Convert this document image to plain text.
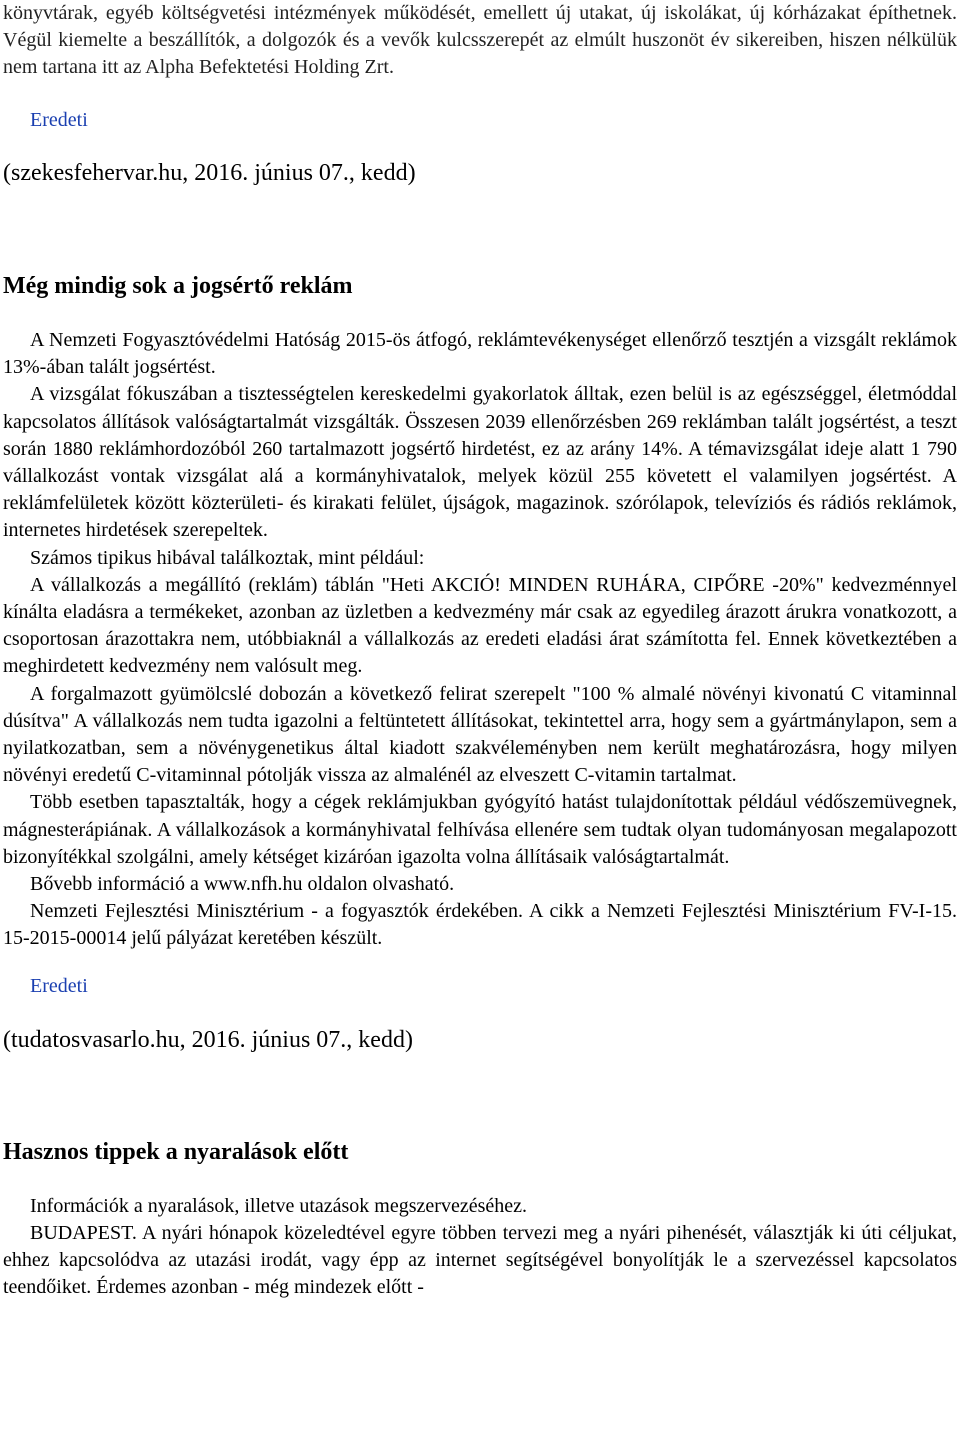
könyvtárak, egyéb költségvetési intézmények működését, emellett új utakat, új iskolákat, új kórházakat építhetnek. Végül kiemelte a beszállítók, a dolgozók és a vevők kulcsszerepét az elmúlt huszonöt év sikereiben, hiszen nélkülük nem tartana itt az Alpha Befektetési Holding Zrt.

Eredeti

(szekesfehervar.hu, 2016. június 07., kedd)

Még mindig sok a jogsértő reklám

A Nemzeti Fogyasztóvédelmi Hatóság 2015-ös átfogó, reklámtevékenységet ellenőrző tesztjén a vizsgált reklámok 13%-ában talált jogsértést.

A vizsgálat fókuszában a tisztességtelen kereskedelmi gyakorlatok álltak, ezen belül is az egészséggel, életmóddal kapcsolatos állítások valóságtartalmát vizsgálták. Összesen 2039 ellenőrzésben 269 reklámban talált jogsértést, a teszt során 1880 reklámhordozóból 260 tartalmazott jogsértő hirdetést, ez az arány 14%. A témavizsgálat ideje alatt 1 790 vállalkozást vontak vizsgálat alá a kormányhivatalok, melyek közül 255 követett el valamilyen jogsértést. A reklámfelületek között közterületi- és kirakati felület, újságok, magazinok. szórólapok, televíziós és rádiós reklámok, internetes hirdetések szerepeltek.

Számos tipikus hibával találkoztak, mint például:

A vállalkozás a megállító (reklám) táblán "Heti AKCIÓ! MINDEN RUHÁRA, CIPŐRE -20%" kedvezménnyel kínálta eladásra a termékeket, azonban az üzletben a kedvezmény már csak az egyedileg árazott árukra vonatkozott, a csoportosan árazottakra nem, utóbbiaknál a vállalkozás az eredeti eladási árat számította fel. Ennek következtében a meghirdetett kedvezmény nem valósult meg.

A forgalmazott gyümölcslé dobozán a következő felirat szerepelt "100 % almalé növényi kivonatú C vitaminnal dúsítva" A vállalkozás nem tudta igazolni a feltüntetett állításokat, tekintettel arra, hogy sem a gyártmánylapon, sem a nyilatkozatban, sem a növénygenetikus által kiadott szakvéleményben nem került meghatározásra, hogy milyen növényi eredetű C-vitaminnal pótolják vissza az almalénél az elveszett C-vitamin tartalmat.

Több esetben tapasztalták, hogy a cégek reklámjukban gyógyító hatást tulajdonítottak például védőszemüvegnek, mágnesterápiának. A vállalkozások a kormányhivatal felhívása ellenére sem tudtak olyan tudományosan megalapozott bizonyítékkal szolgálni, amely kétséget kizáróan igazolta volna állításaik valóságtartalmát.

Bővebb információ a www.nfh.hu oldalon olvasható.

Nemzeti Fejlesztési Minisztérium - a fogyasztók érdekében. A cikk a Nemzeti Fejlesztési Minisztérium FV-I-15. 15-2015-00014 jelű pályázat keretében készült.

Eredeti

(tudatosvasarlo.hu, 2016. június 07., kedd)

Hasznos tippek a nyaralások előtt

Információk a nyaralások, illetve utazások megszervezéséhez.

BUDAPEST. A nyári hónapok közeledtével egyre többen tervezi meg a nyári pihenését, választják ki úti céljukat, ehhez kapcsolódva az utazási irodát, vagy épp az internet segítségével bonyolítják le a szervezéssel kapcsolatos teendőiket. Érdemes azonban - még mindezek előtt -
